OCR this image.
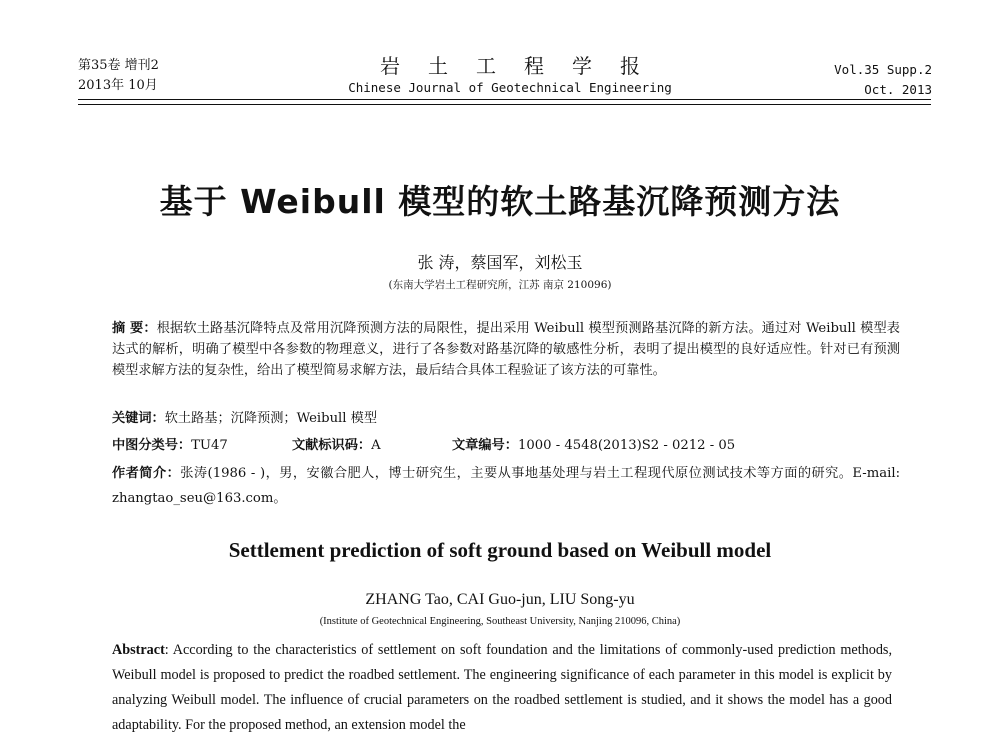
第35卷 增刊2
2013年 10月
岩土工程学报
Chinese Journal of Geotechnical Engineering
Vol.35 Supp.2
Oct. 2013
基于 Weibull 模型的软土路基沉降预测方法
张 涛，蔡国军，刘松玉
(东南大学岩土工程研究所，江苏 南京 210096)
摘 要：根据软土路基沉降特点及常用沉降预测方法的局限性，提出采用 Weibull 模型预测路基沉降的新方法。通过对 Weibull 模型表达式的解析，明确了模型中各参数的物理意义，进行了各参数对路基沉降的敏感性分析，表明了提出模型的良好适应性。针对已有预测模型求解方法的复杂性，给出了模型简易求解方法，最后结合具体工程验证了该方法的可靠性。
关键词：软土路基；沉降预测；Weibull 模型
中图分类号：TU47	文献标识码：A	文章编号：1000 - 4548(2013)S2 - 0212 - 05
作者简介：张涛(1986 - )，男，安徽合肥人，博士研究生，主要从事地基处理与岩土工程现代原位测试技术等方面的研究。E-mail: zhangtao_seu@163.com。
Settlement prediction of soft ground based on Weibull model
ZHANG Tao, CAI Guo-jun, LIU Song-yu
(Institute of Geotechnical Engineering, Southeast University, Nanjing 210096, China)
Abstract: According to the characteristics of settlement on soft foundation and the limitations of commonly-used prediction methods, Weibull model is proposed to predict the roadbed settlement. The engineering significance of each parameter in this model is explicit by analyzing Weibull model. The influence of crucial parameters on the roadbed settlement is studied, and it shows the model has a good adaptability. For the proposed method, an extension model the
